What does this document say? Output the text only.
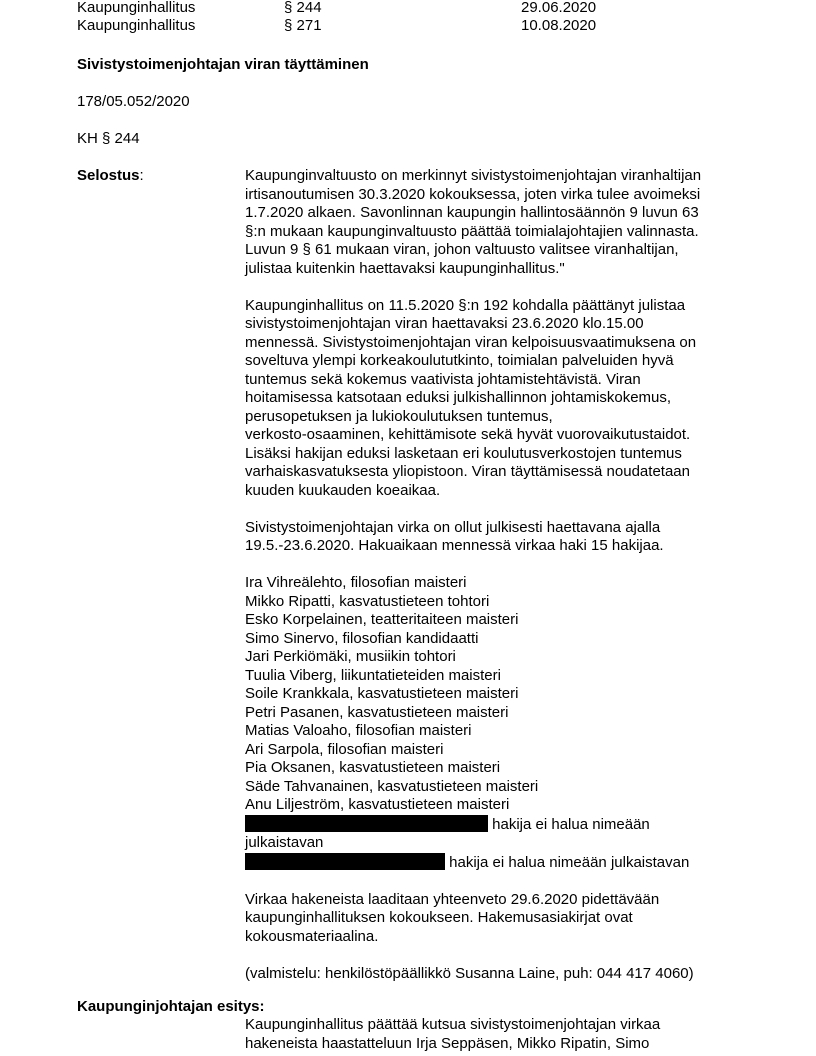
Kaupunginhallitus	§ 244	29.06.2020
Kaupunginhallitus	§ 271	10.08.2020
Sivistystoimenjohtajan viran täyttäminen
178/05.052/2020
KH § 244
Selostus:	Kaupunginvaltuusto on merkinnyt sivistystoimenjohtajan viranhaltijan
irtisanoutumisen 30.3.2020 kokouksessa, joten virka tulee avoimeksi
1.7.2020 alkaen. Savonlinnan kaupungin hallintosäännön 9 luvun 63
§:n mukaan kaupunginvaltuusto päättää toimialajohtajien valinnasta.
Luvun 9 § 61 mukaan viran, johon valtuusto valitsee viranhaltijan,
julistaa kuitenkin haettavaksi kaupunginhallitus."
Kaupunginhallitus on 11.5.2020 §:n 192 kohdalla päättänyt julistaa
sivistystoimenjohtajan viran haettavaksi 23.6.2020 klo.15.00
mennessä. Sivistystoimenjohtajan viran kelpoisuusvaatimuksena on
soveltuva ylempi korkeakoulututkinto, toimialan palveluiden hyvä
tuntemus sekä kokemus vaativista johtamistehtävistä. Viran
hoitamisessa katsotaan eduksi julkishallinnon johtamiskokemus,
perusopetuksen ja lukiokoulutuksen tuntemus,
verkosto-osaaminen, kehittämisote sekä hyvät vuorovaikutustaidot.
Lisäksi hakijan eduksi lasketaan eri koulutusverkostojen tuntemus
varhaiskasvatuksesta yliopistoon. Viran täyttämisessä noudatetaan
kuuden kuukauden koeaikaa.
Sivistystoimenjohtajan virka on ollut julkisesti haettavana ajalla
19.5.-23.6.2020. Hakuaikaan mennessä virkaa haki 15 hakijaa.
Ira Vihreälehto, filosofian maisteri
Mikko Ripatti, kasvatustieteen tohtori
Esko Korpelainen, teatteritaiteen maisteri
Simo Sinervo, filosofian kandidaatti
Jari Perkiömäki, musiikin tohtori
Tuulia Viberg, liikuntatieteiden maisteri
Soile Krankkala, kasvatustieteen maisteri
Petri Pasanen, kasvatustieteen maisteri
Matias Valoaho, filosofian maisteri
Ari Sarpola, filosofian maisteri
Pia Oksanen, kasvatustieteen maisteri
Säde Tahvanainen, kasvatustieteen maisteri
Anu Liljeström, kasvatustieteen maisteri
hakija ei halua nimeään
julkaistavan
hakija ei halua nimeään julkaistavan
Virkaa hakeneista laaditaan yhteenveto 29.6.2020 pidettävään
kaupunginhallituksen kokoukseen. Hakemusasiakirjat ovat
kokousmateriaalina.
(valmistelu: henkilöstöpäällikkö Susanna Laine, puh: 044 417 4060)
Kaupunginjohtajan esitys:
Kaupunginhallitus päättää kutsua sivistystoimenjohtajan virkaa
hakeneista haastatteluun Irja Seppäsen, Mikko Ripatin, Simo
